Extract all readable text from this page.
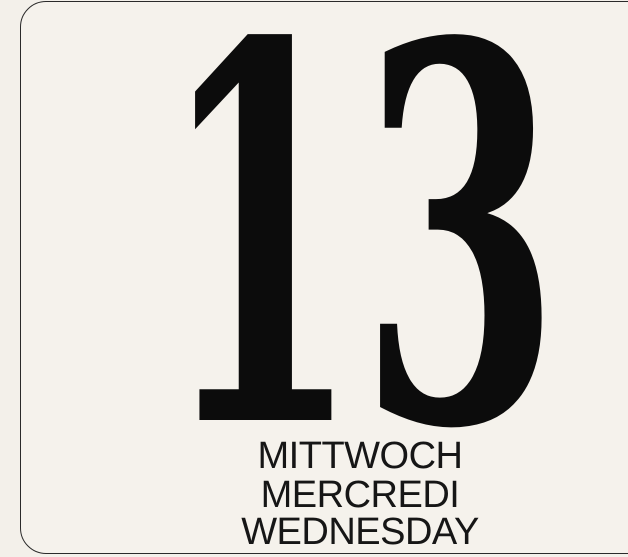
13
MITTWOCH
MERCREDI
WEDNESDAY
